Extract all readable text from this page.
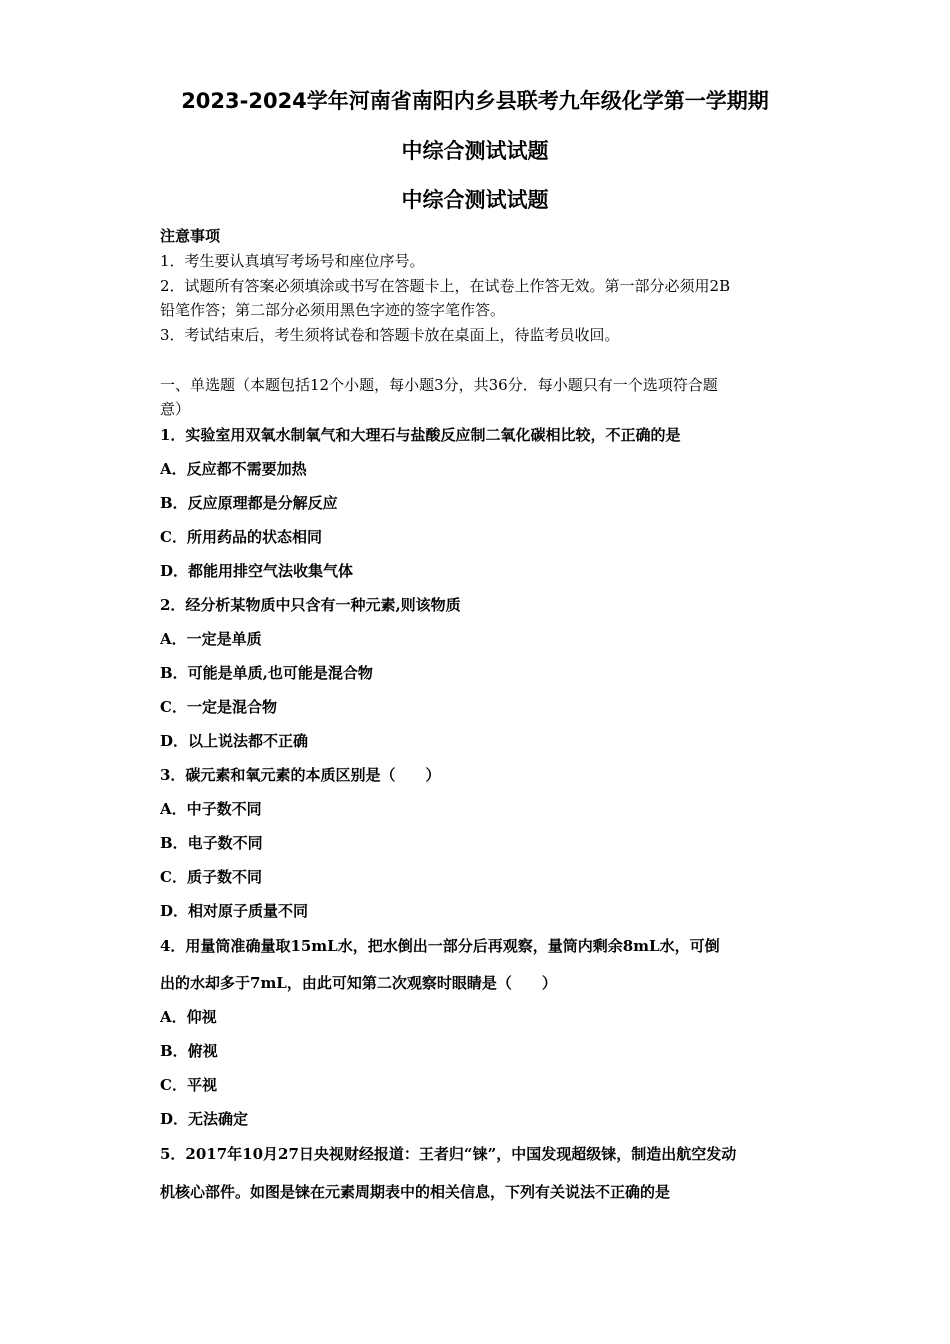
2023-2024学年河南省南阳内乡县联考九年级化学第一学期期
中综合测试试题
中综合测试试题
注意事项
1．考生要认真填写考场号和座位序号。
2．试题所有答案必须填涂或书写在答题卡上，在试卷上作答无效。第一部分必须用2B
铅笔作答；第二部分必须用黑色字迹的签字笔作答。
3．考试结束后，考生须将试卷和答题卡放在桌面上，待监考员收回。
一、单选题（本题包括12个小题，每小题3分，共36分．每小题只有一个选项符合题
意）
1．实验室用双氧水制氧气和大理石与盐酸反应制二氧化碳相比较，不正确的是
A．反应都不需要加热
B．反应原理都是分解反应
C．所用药品的状态相同
D．都能用排空气法收集气体
2．经分析某物质中只含有一种元素,则该物质
A．一定是单质
B．可能是单质,也可能是混合物
C．一定是混合物
D．以上说法都不正确
3．碳元素和氧元素的本质区别是（　　）
A．中子数不同
B．电子数不同
C．质子数不同
D．相对原子质量不同
4．用量筒准确量取15mL水，把水倒出一部分后再观察，量筒内剩余8mL水，可倒
出的水却多于7mL，由此可知第二次观察时眼睛是（　　）
A．仰视
B．俯视
C．平视
D．无法确定
5．2017年10月27日央视财经报道：王者归“铼”，中国发现超级铼，制造出航空发动
机核心部件。如图是铼在元素周期表中的相关信息，下列有关说法不正确的是
